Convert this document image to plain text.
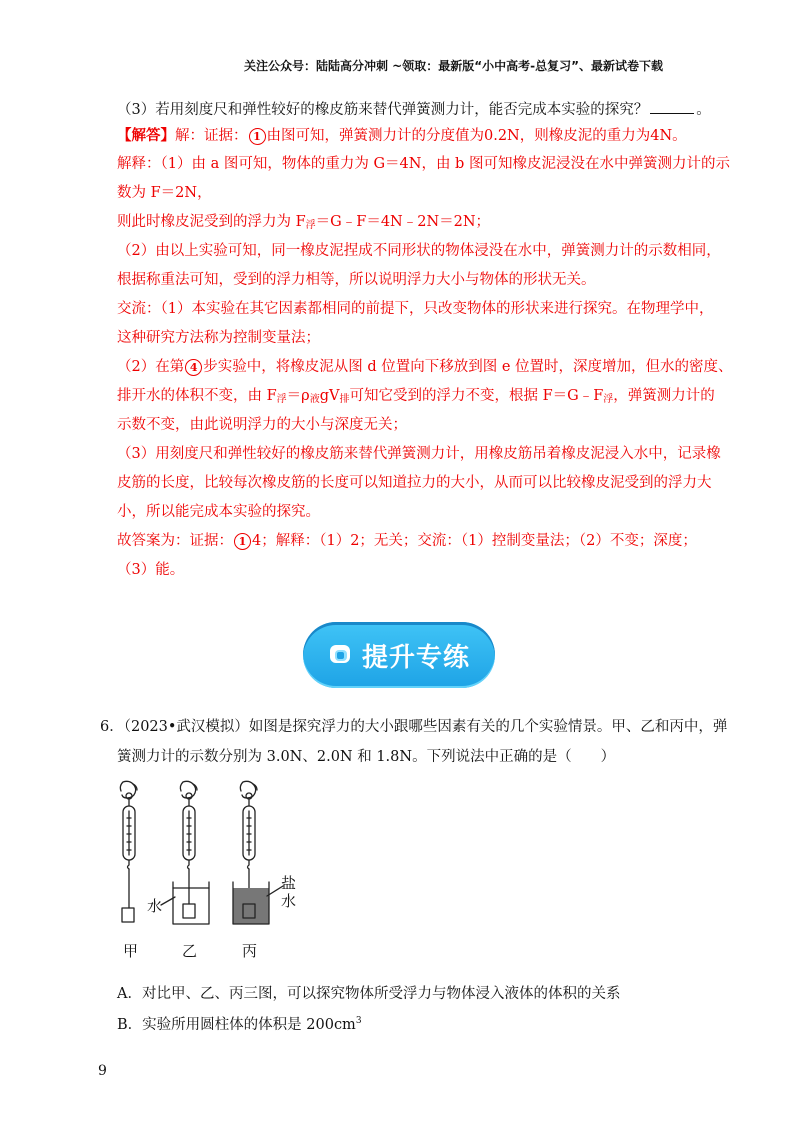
关注公众号：陆陆高分冲刺 ~领取：最新版“小中高考-总复习”、最新试卷下载
（3）若用刻度尺和弹性较好的橡皮筋来替代弹簧测力计，能否完成本实验的探究？	。
【解答】解：证据： 1 由图可知，弹簧测力计的分度值为0.2N，则橡皮泥的重力为4N。
解释：（1）由 a 图可知，物体的重力为 G＝4N，由 b 图可知橡皮泥浸没在水中弹簧测力计的示
数为 F＝2N，
则此时橡皮泥受到的浮力为 $F_浮=G﹣F=4N﹣2N=2N$；
（2）由以上实验可知，同一橡皮泥捏成不同形状的物体浸没在水中，弹簧测力计的示数相同，
根据称重法可知，受到的浮力相等，所以说明浮力大小与物体的形状无关。
交流：（1）本实验在其它因素都相同的前提下，只改变物体的形状来进行探究。在物理学中，
这种研究方法称为控制变量法；
（2）在第 4 步实验中，将橡皮泥从图 d 位置向下移放到图 e 位置时，深度增加，但水的密度、
排开水的体积不变，由 $F_浮=\rho_液gV_排$可知它受到的浮力不变，根据 $F=G﹣F_浮$，弹簧测力计的
示数不变，由此说明浮力的大小与深度无关；
（3）用刻度尺和弹性较好的橡皮筋来替代弹簧测力计，用橡皮筋吊着橡皮泥浸入水中，记录橡
皮筋的长度，比较每次橡皮筋的长度可以知道拉力的大小，从而可以比较橡皮泥受到的浮力大
小，所以能完成本实验的探究。
故答案为：证据： 1 4；解释：（1）2；无关；交流：（1）控制变量法；（2）不变；深度；
（3）能。
提升专练
6．（2023•武汉模拟）如图是探究浮力的大小跟哪些因素有关的几个实验情景。甲、乙和丙中，弹
簧测力计的示数分别为 3.0N、2.0N 和 1.8N。下列说法中正确的是（　　）
甲	乙	丙
水
盐
水
A．对比甲、乙、丙三图，可以探究物体所受浮力与物体浸入液体的体积的关系
B．实验所用圆柱体的体积是 $200cm^3$
9
